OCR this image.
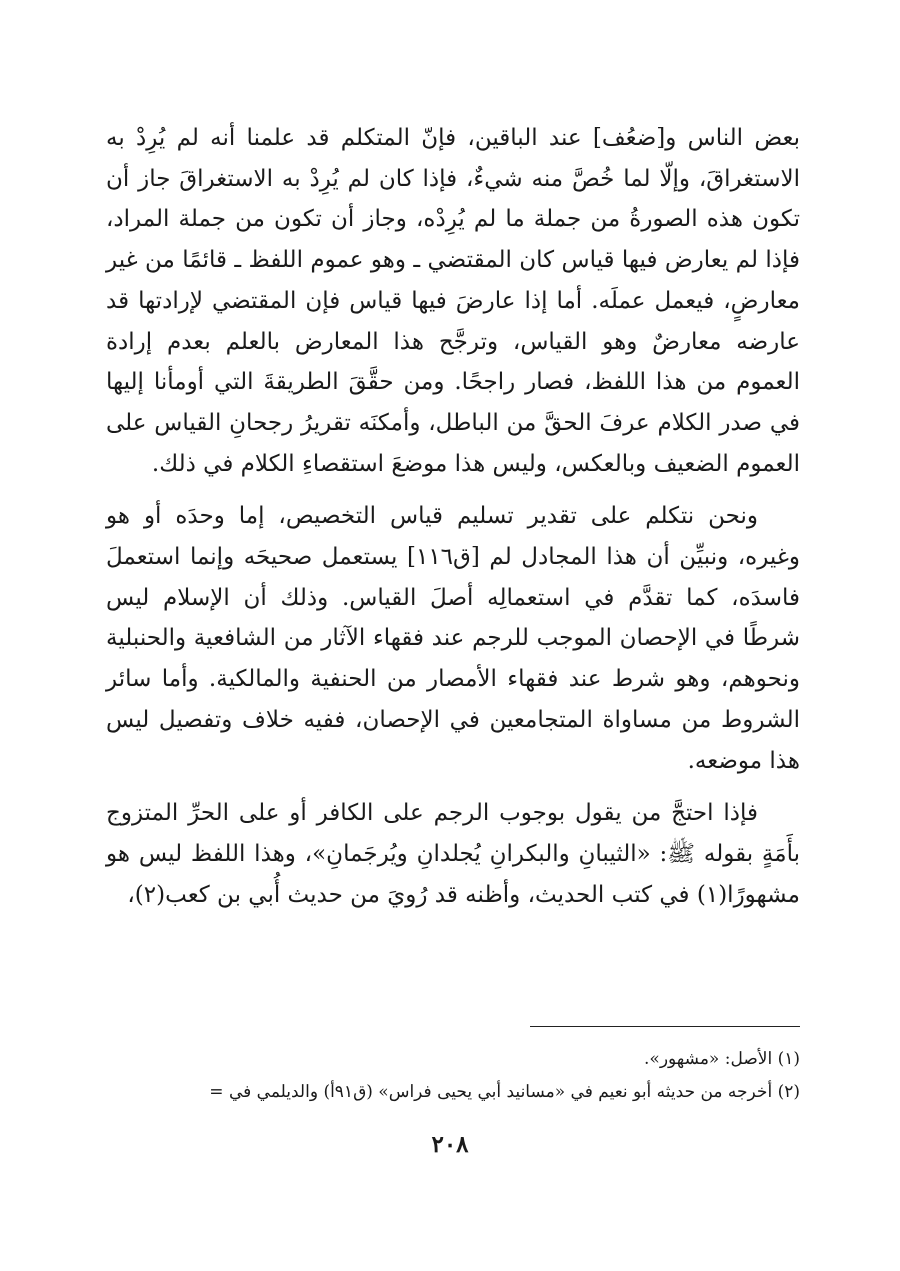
بعض الناس و[ضعُف] عند الباقين، فإنّ المتكلم قد علمنا أنه لم يُرِدْ به الاستغراقَ، وإلّا لما خُصَّ منه شيءٌ، فإذا كان لم يُرِدْ به الاستغراقَ جاز أن تكون هذه الصورةُ من جملة ما لم يُرِدْه، وجاز أن تكون من جملة المراد، فإذا لم يعارض فيها قياس كان المقتضي ـ وهو عموم اللفظ ـ قائمًا من غير معارضٍ، فيعمل عملَه. أما إذا عارضَ فيها قياس فإن المقتضي لإرادتها قد عارضه معارضٌ وهو القياس، وترجَّح هذا المعارض بالعلم بعدم إرادة العموم من هذا اللفظ، فصار راجحًا. ومن حقَّقَ الطريقةَ التي أومأنا إليها في صدر الكلام عرفَ الحقَّ من الباطل، وأمكنَه تقريرُ رجحانِ القياس على العموم الضعيف وبالعكس، وليس هذا موضعَ استقصاءِ الكلام في ذلك.

ونحن نتكلم على تقدير تسليم قياس التخصيص، إما وحدَه أو هو وغيره، ونبيِّن أن هذا المجادل لم [ق١١٦] يستعمل صحيحَه وإنما استعملَ فاسدَه، كما تقدَّم في استعمالِه أصلَ القياس. وذلك أن الإسلام ليس شرطًا في الإحصان الموجب للرجم عند فقهاء الآثار من الشافعية والحنبلية ونحوهم، وهو شرط عند فقهاء الأمصار من الحنفية والمالكية. وأما سائر الشروط من مساواة المتجامعين في الإحصان، ففيه خلاف وتفصيل ليس هذا موضعه.

فإذا احتجَّ من يقول بوجوب الرجم على الكافر أو على الحرِّ المتزوج بأَمَةٍ بقوله ﷺ: «الثيبانِ والبكرانِ يُجلدانِ ويُرجَمانِ»، وهذا اللفظ ليس هو مشهورًا(١) في كتب الحديث، وأظنه قد رُويَ من حديث أُبي بن كعب(٢)،

(١) الأصل: «مشهور».

(٢) أخرجه من حديثه أبو نعيم في «مسانيد أبي يحيى فراس» (ق٩١أ) والديلمي في =

٢٠٨
